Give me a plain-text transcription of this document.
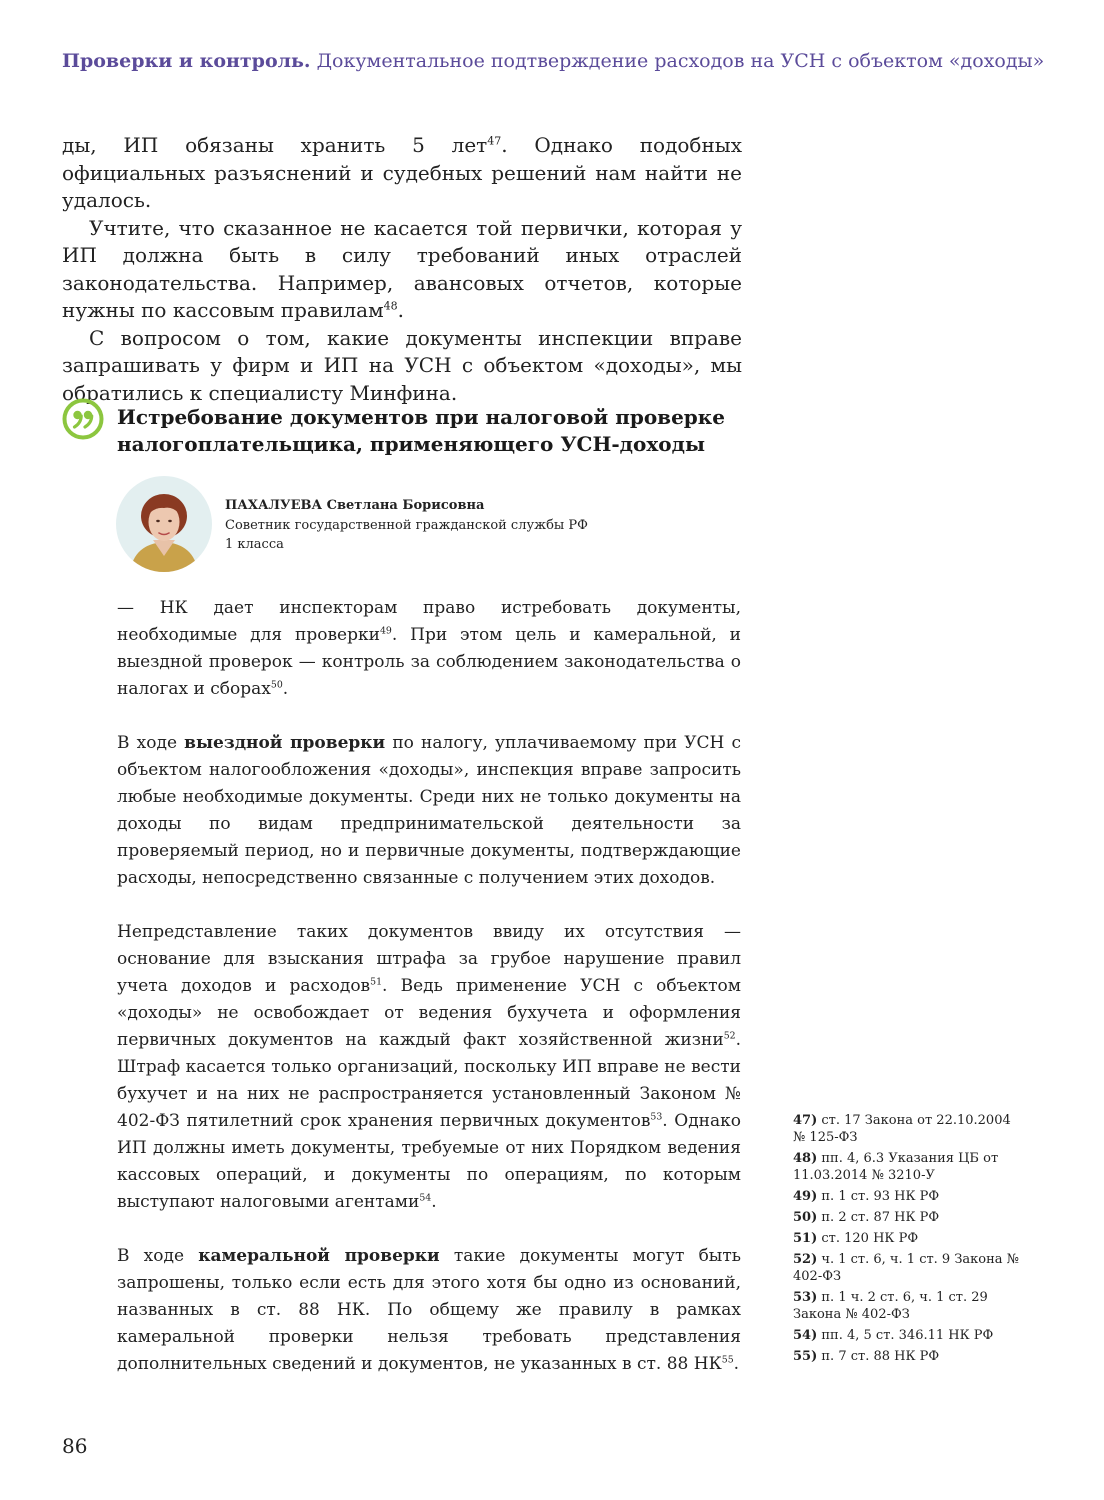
Проверки и контроль. Документальное подтверждение расходов на УСН с объектом «доходы»

ды, ИП обязаны хранить 5 лет$^{47}$. Однако подобных официальных разъяснений и судебных решений нам найти не удалось.

Учтите, что сказанное не касается той первички, которая у ИП должна быть в силу требований иных отраслей законодательства. Например, авансовых отчетов, которые нужны по кассовым правилам$^{48}$.

С вопросом о том, какие документы инспекции вправе запрашивать у фирм и ИП на УСН с объектом «доходы», мы обратились к специалисту Минфина.

Истребование документов при налоговой проверке налогоплательщика, применяющего УСН-доходы
ПАХАЛУЕВА Светлана Борисовна
Советник государственной гражданской службы РФ
1 класса

— НК дает инспекторам право истребовать документы, необходимые для проверки$^{49}$. При этом цель и камеральной, и выездной проверок — контроль за соблюдением законодательства о налогах и сборах$^{50}$.

В ходе выездной проверки по налогу, уплачиваемому при УСН с объектом налогообложения «доходы», инспекция вправе запросить любые необходимые документы. Среди них не только документы на доходы по видам предпринимательской деятельности за проверяемый период, но и первичные документы, подтверждающие расходы, непосредственно связанные с получением этих доходов.

Непредставление таких документов ввиду их отсутствия — основание для взыскания штрафа за грубое нарушение правил учета доходов и расходов$^{51}$. Ведь применение УСН с объектом «доходы» не освобождает от ведения бухучета и оформления первичных документов на каждый факт хозяйственной жизни$^{52}$. Штраф касается только организаций, поскольку ИП вправе не вести бухучет и на них не распространяется установленный Законом № 402-ФЗ пятилетний срок хранения первичных документов$^{53}$. Однако ИП должны иметь документы, требуемые от них Порядком ведения кассовых операций, и документы по операциям, по которым выступают налоговыми агентами$^{54}$.

В ходе камеральной проверки такие документы могут быть запрошены, только если есть для этого хотя бы одно из оснований, названных в ст. 88 НК. По общему же правилу в рамках камеральной проверки нельзя требовать представления дополнительных сведений и документов, не указанных в ст. 88 НК$^{55}$.

47) ст. 17 Закона от 22.10.2004 № 125-ФЗ
48) пп. 4, 6.3 Указания ЦБ от 11.03.2014 № 3210-У
49) п. 1 ст. 93 НК РФ
50) п. 2 ст. 87 НК РФ
51) ст. 120 НК РФ
52) ч. 1 ст. 6, ч. 1 ст. 9 Закона № 402-ФЗ
53) п. 1 ч. 2 ст. 6, ч. 1 ст. 29 Закона № 402-ФЗ
54) пп. 4, 5 ст. 346.11 НК РФ
55) п. 7 ст. 88 НК РФ
86
